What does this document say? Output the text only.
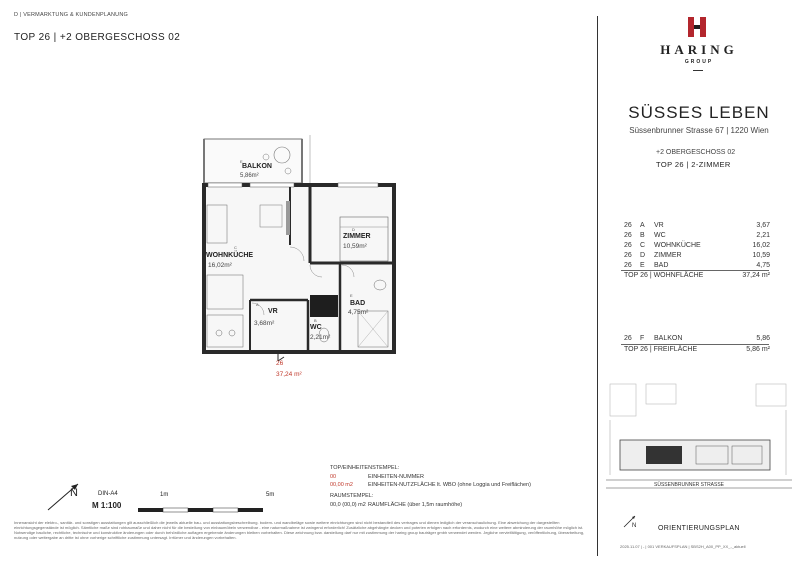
D | VERMARKTUNG & KUNDENPLANUNG
TOP 26 | +2 OBERGESCHOSS 02
E
BALKON
5,86m²
C
WOHNKÜCHE
16,02m²
D
ZIMMER
10,59m²
A
VR
3,68m²	B
WC
2,21m²
E
BAD
4,75m²
26
37,24 m²
HARING
GROUP
SÜSSES LEBEN
Süssenbrunner Strasse 67 | 1220 Wien
+2 OBERGESCHOSS 02
TOP 26 | 2-ZIMMER
26 A VR	3,67
26 B WC	2,21
26 C WOHNKÜCHE	16,02
26 D ZIMMER	10,59
26 E BAD	4,75
TOP 26 | WOHNFLÄCHE	37,24 m²
26 F BALKON	5,86
TOP 26 | FREIFLÄCHE	5,86 m²
SÜSSENBRUNNER STRASSE
N	ORIENTIERUNGSPLAN
2025.11.07 | - | 001 VERKAUFSPLAN | SBS2H_A00_PP_XX_-_aktuell
TOP/EINHEITENSTEMPEL:
00	EINHEITEN-NUMMER
00,00 m2	EINHEITEN-NUTZFLÄCHE lt. WBO (ohne Loggia und Freiflächen)
RAUMSTEMPEL:
00,0 (00,0) m2 RAUMFLÄCHE (über 1,5m raumhöhe)
N	DIN-A4
M 1:100
1m	5m
Innenansicht der elektro-, sanitär- und sonstigen ausstattungen gilt ausschließlich die jeweils aktuelle bau- und ausstattungsbeschreibung. bodem- und wandbeläge sowie weitere einrichtungen sind nicht bestandteil des vertrages und dienen lediglich der veranschaulichung. Eine abweichung der dargestellten einrichtungsgegenstände ist möglich. Sämtliche maße sind rohbaumaße und daher nicht für die bestellung von einbaumöbeln verwendbar - eine naturmaßnahme ist zwingend erforderlich! Zusätzliche abgehängte decken und poterien erfolgen nach erfordernis, wodurch eine weitere abminderung der raumhöhe möglich ist. Notwendige bauliche, rechtliche, technische und konstruktive änderungen oder durch behördliche auflagen ergebende änderungen bleiben vorbehalten. Diese zeichnung bzw. darstellung darf nur mit zustimmung der haring group bauträger gmbh verwendet werden. Jegliche vervielfältigung, veröffentlichung, überarbeitung, nutzung oder weitergabe an dritte ist ohne vorherige schriftliche zustimmung untersagt. Irrtümer und änderungen vorbehalten.
